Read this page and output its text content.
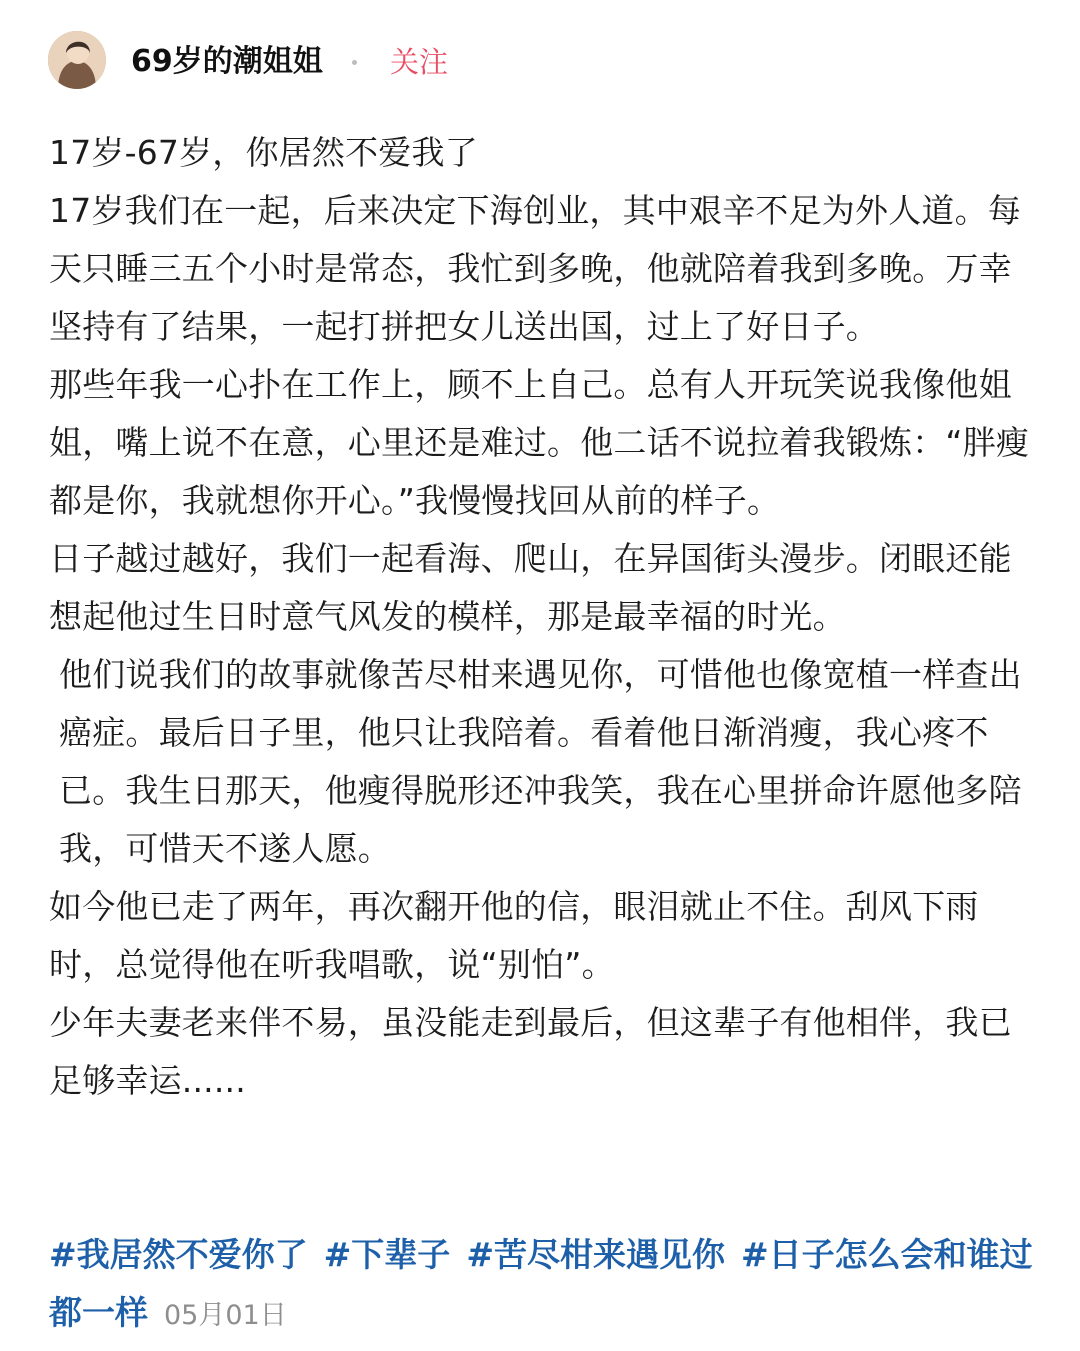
69岁的潮姐姐 关注

17岁-67岁，你居然不爱我了

17岁我们在一起，后来决定下海创业，其中艰辛不足为外人道。每天只睡三五个小时是常态，我忙到多晚，他就陪着我到多晚。万幸坚持有了结果，一起打拼把女儿送出国，过上了好日子。

那些年我一心扑在工作上，顾不上自己。总有人开玩笑说我像他姐姐，嘴上说不在意，心里还是难过。他二话不说拉着我锻炼：“胖瘦都是你，我就想你开心。”我慢慢找回从前的样子。

日子越过越好，我们一起看海、爬山，在异国街头漫步。闭眼还能想起他过生日时意气风发的模样，那是最幸福的时光。

他们说我们的故事就像苦尽柑来遇见你，可惜他也像宽植一样查出癌症。最后日子里，他只让我陪着。看着他日渐消瘦，我心疼不已。我生日那天，他瘦得脱形还冲我笑，我在心里拼命许愿他多陪我，可惜天不遂人愿。

如今他已走了两年，再次翻开他的信，眼泪就止不住。刮风下雨时，总觉得他在听我唱歌，说“别怕”。

少年夫妻老来伴不易，虽没能走到最后，但这辈子有他相伴，我已足够幸运......

#我居然不爱你了 #下辈子 #苦尽柑来遇见你 #日子怎么会和谁过都一样 05月01日
